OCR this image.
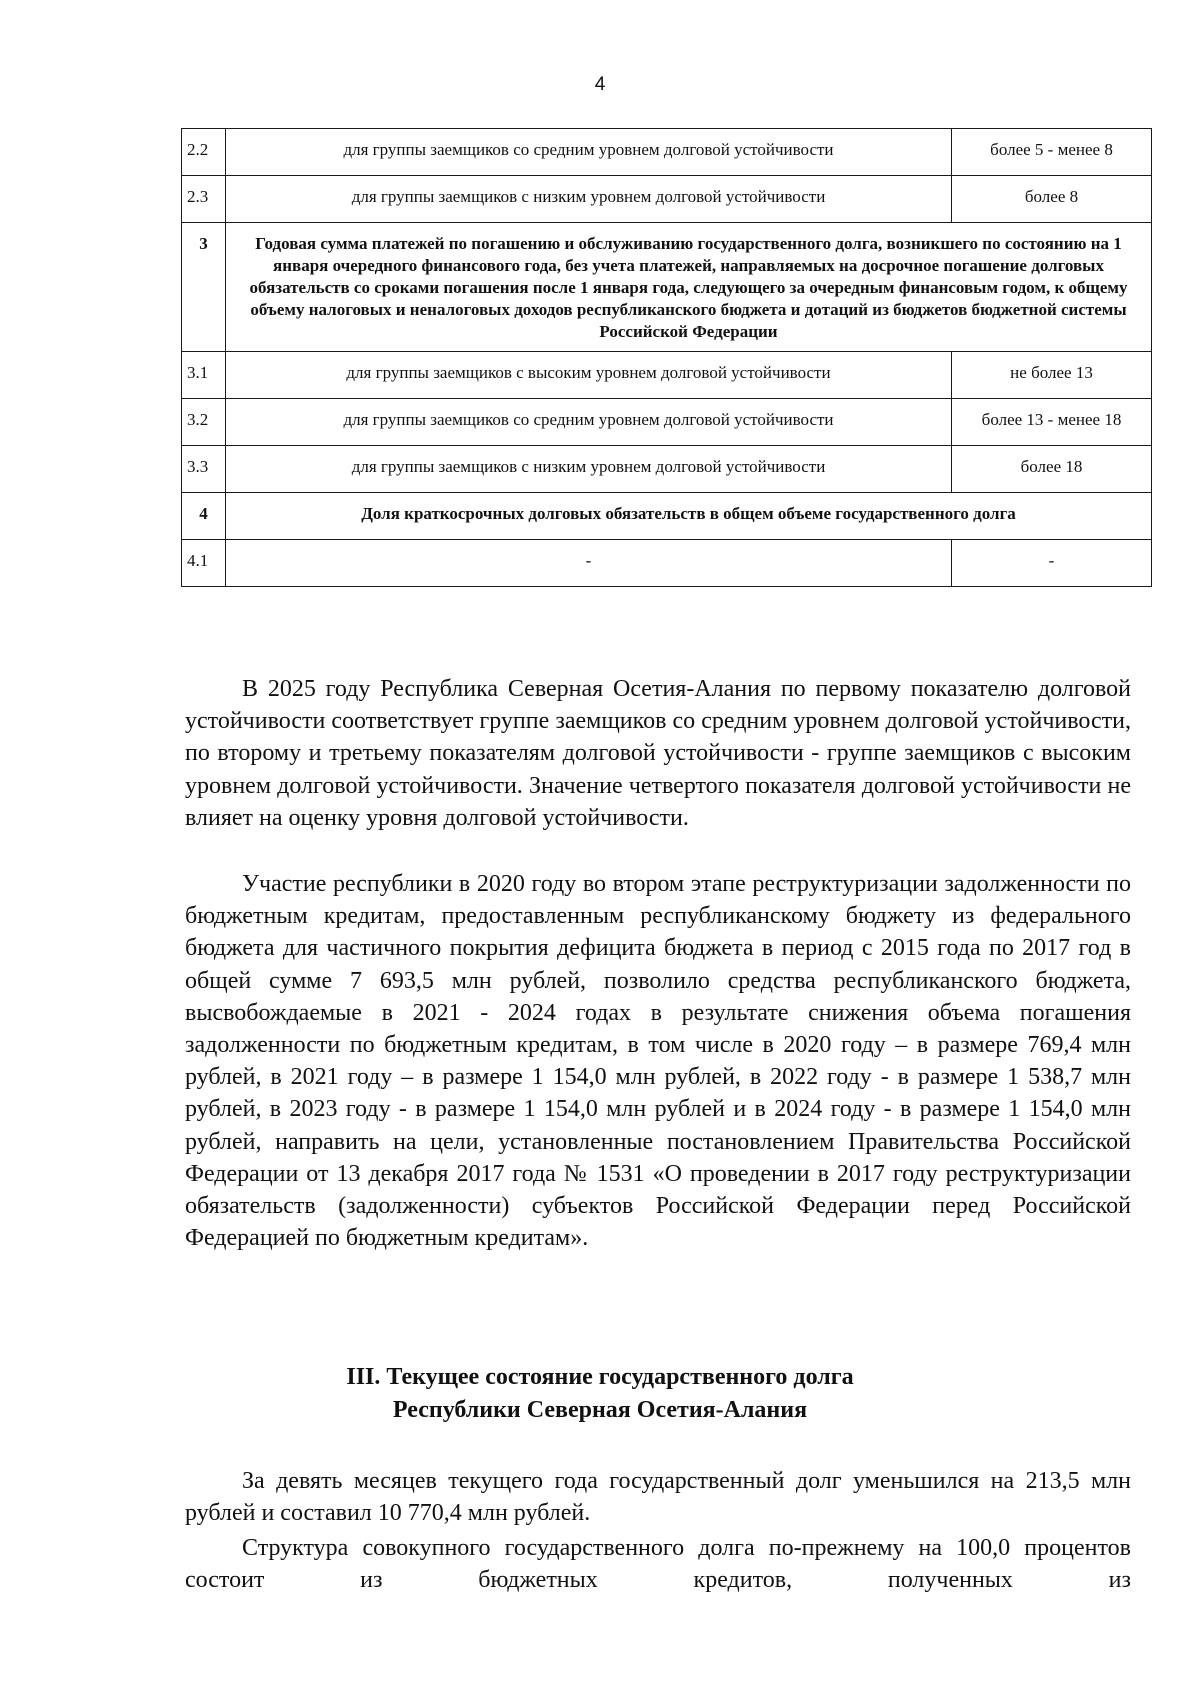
4
2.2	для группы заемщиков со средним уровнем долговой устойчивости	более 5 - менее 8
2.3	для группы заемщиков с низким уровнем долговой устойчивости	более 8
3	Годовая сумма платежей по погашению и обслуживанию государственного долга, возникшего по состоянию на 1 января очередного финансового года, без учета платежей, направляемых на досрочное погашение долговых обязательств со сроками погашения после 1 января года, следующего за очередным финансовым годом, к общему объему налоговых и неналоговых доходов республиканского бюджета и дотаций из бюджетов бюджетной системы Российской Федерации	
3.1	для группы заемщиков с высоким уровнем долговой устойчивости	не более 13
3.2	для группы заемщиков со средним уровнем долговой устойчивости	более 13 - менее 18
3.3	для группы заемщиков с низким уровнем долговой устойчивости	более 18
4	Доля краткосрочных долговых обязательств в общем объеме государственного долга	
4.1	-	-

В 2025 году Республика Северная Осетия-Алания по первому показателю долговой устойчивости соответствует группе заемщиков со средним уровнем долговой устойчивости, по второму и третьему показателям долговой устойчивости - группе заемщиков с высоким уровнем долговой устойчивости. Значение четвертого показателя долговой устойчивости не влияет на оценку уровня долговой устойчивости.

Участие республики в 2020 году во втором этапе реструктуризации задолженности по бюджетным кредитам, предоставленным республиканскому бюджету из федерального бюджета для частичного покрытия дефицита бюджета в период с 2015 года по 2017 год в общей сумме 7 693,5 млн рублей, позволило средства республиканского бюджета, высвобождаемые в 2021 - 2024 годах в результате снижения объема погашения задолженности по бюджетным кредитам, в том числе в 2020 году – в размере 769,4 млн рублей, в 2021 году – в размере 1 154,0 млн рублей, в 2022 году - в размере 1 538,7 млн рублей, в 2023 году - в размере 1 154,0 млн рублей и в 2024 году - в размере 1 154,0 млн рублей, направить на цели, установленные постановлением Правительства Российской Федерации от 13 декабря 2017 года № 1531 «О проведении в 2017 году реструктуризации обязательств (задолженности) субъектов Российской Федерации перед Российской Федерацией по бюджетным кредитам».

III. Текущее состояние государственного долга
Республики Северная Осетия-Алания

За девять месяцев текущего года государственный долг уменьшился на 213,5 млн рублей и составил 10 770,4 млн рублей.

Структура совокупного государственного долга по-прежнему на 100,0 процентов состоит из бюджетных кредитов, полученных из
